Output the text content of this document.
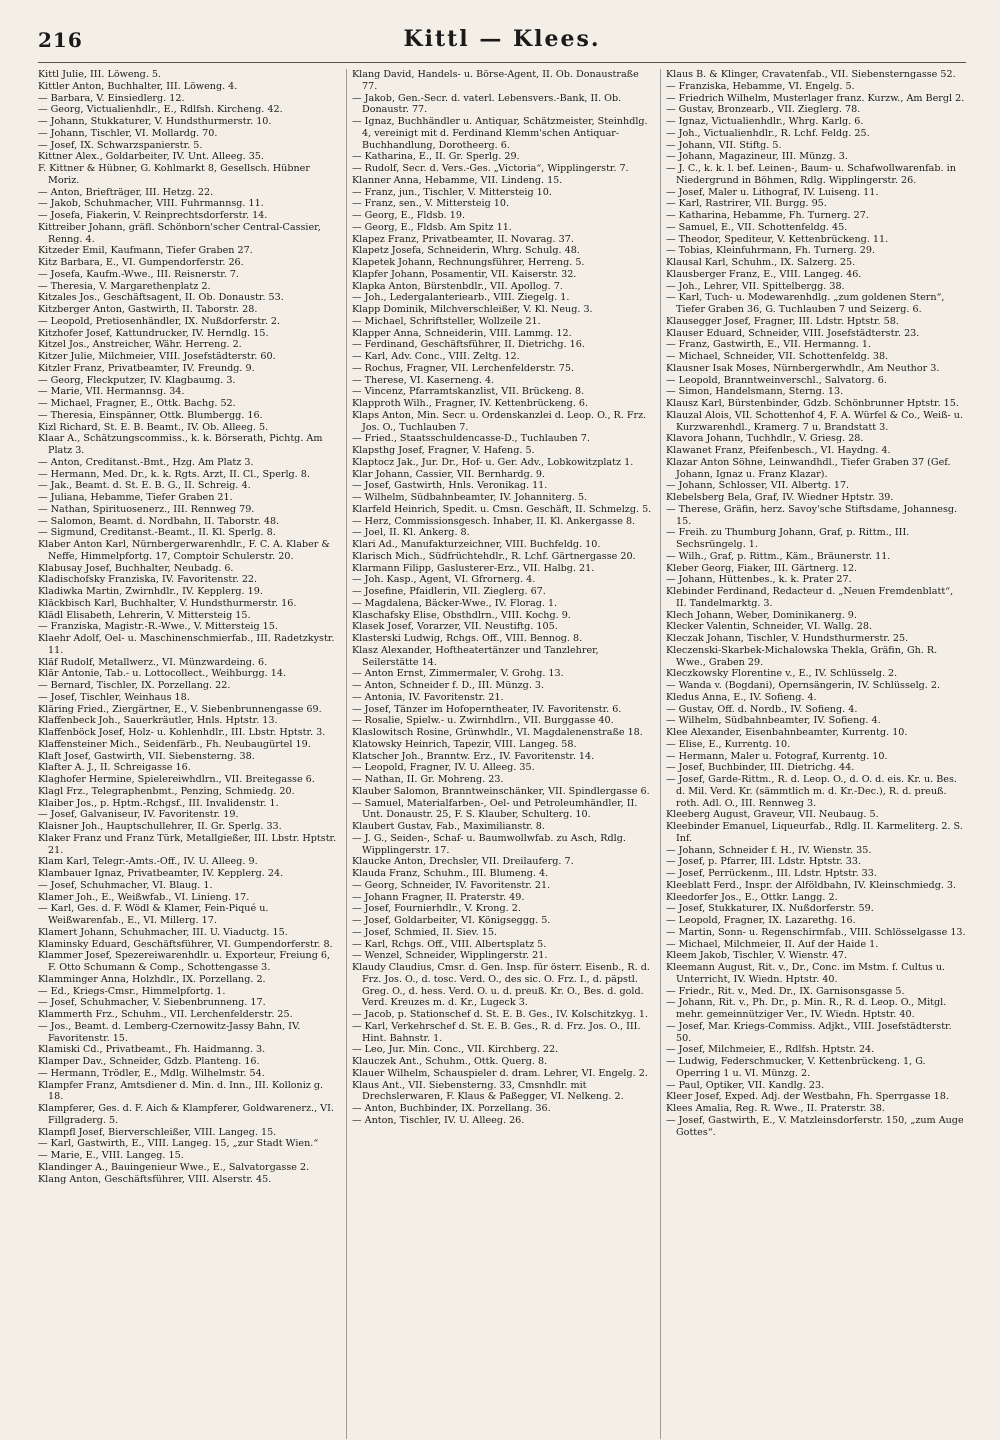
216	Kittl — Klees.

Kittl Julie, III. Löweng. 5.

Kittler Anton, Buchhalter, III. Löweng. 4.

— Barbara, V. Einsiedlerg. 12.

— Georg, Victualienhdlr., E., Rdlfsh. Kircheng. 42.

— Johann, Stukkaturer, V. Hundsthurmerstr. 10.

— Johann, Tischler, VI. Mollardg. 70.

— Josef, IX. Schwarzspanierstr. 5.

Kittner Alex., Goldarbeiter, IV. Unt. Alleeg. 35.

F. Kittner & Hübner, G. Kohlmarkt 8, Gesellsch. Hübner Moriz.

— Anton, Briefträger, III. Hetzg. 22.

— Jakob, Schuhmacher, VIII. Fuhrmannsg. 11.

— Josefa, Fiakerin, V. Reinprechtsdorferstr. 14.

Kittreiber Johann, gräfl. Schönborn'scher Central-Cassier, Renng. 4.

Kitzeder Emil, Kaufmann, Tiefer Graben 27.

Kitz Barbara, E., VI. Gumpendorferstr. 26.

— Josefa, Kaufm.-Wwe., III. Reisnerstr. 7.

— Theresia, V. Margarethenplatz 2.

Kitzales Jos., Geschäftsagent, II. Ob. Donaustr. 53.

Kitzberger Anton, Gastwirth, II. Taborstr. 28.

— Leopold, Pretiosenhändler, IX. Nußdorferstr. 2.

Kitzhofer Josef, Kattundrucker, IV. Herndlg. 15.

Kitzel Jos., Anstreicher, Währ. Herreng. 2.

Kitzer Julie, Milchmeier, VIII. Josefstädterstr. 60.

Kitzler Franz, Privatbeamter, IV. Freundg. 9.

— Georg, Fleckputzer, IV. Klagbaumg. 3.

— Marie, VII. Hermannsg. 34.

— Michael, Fragner, E., Ottk. Bachg. 52.

— Theresia, Einspänner, Ottk. Blumbergg. 16.

Kizl Richard, St. E. B. Beamt., IV. Ob. Alleeg. 5.

Klaar A., Schätzungscommiss., k. k. Börserath, Pichtg. Am Platz 3.

— Anton, Creditanst.-Bmt., Hzg. Am Platz 3.

— Hermann, Med. Dr., k. k. Rgts. Arzt, II. Cl., Sperlg. 8.

— Jak., Beamt. d. St. E. B. G., II. Schreig. 4.

— Juliana, Hebamme, Tiefer Graben 21.

— Nathan, Spirituosenerz., III. Rennweg 79.

— Salomon, Beamt. d. Nordbahn, II. Taborstr. 48.

— Sigmund, Creditanst.-Beamt., II. Kl. Sperlg. 8.

Klaber Anton Karl, Nürnbergerwarenhdlr., F. C. A. Klaber & Neffe, Himmelpfortg. 17, Comptoir Schulerstr. 20.

Klabusay Josef, Buchhalter, Neubadg. 6.

Kladischofsky Franziska, IV. Favoritenstr. 22.

Kladiwka Martin, Zwirnhdlr., IV. Kepplerg. 19.

Kläckbisch Karl, Buchhalter, V. Hundsthurmerstr. 16.

Klädl Elisabeth, Lehrerin, V. Mittersteig 15.

— Franziska, Magistr.-R.-Wwe., V. Mittersteig 15.

Klaehr Adolf, Oel- u. Maschinenschmierfab., III. Radetzkystr. 11.

Kläf Rudolf, Metallwerz., VI. Münzwardeing. 6.

Klär Antonie, Tab.- u. Lottocollect., Weihburgg. 14.

— Bernard, Tischler, IX. Porzellang. 22.

— Josef, Tischler, Weinhaus 18.

Kläring Fried., Ziergärtner, E., V. Siebenbrunnengasse 69.

Klaffenbeck Joh., Sauerkräutler, Hnls. Hptstr. 13.

Klaffenböck Josef, Holz- u. Kohlenhdlr., III. Lbstr. Hptstr. 3.

Klaffensteiner Mich., Seidenfärb., Fh. Neubaugürtel 19.

Klaft Josef, Gastwirth, VII. Siebensterng. 38.

Klafter A. J., II. Schreigasse 16.

Klaghofer Hermine, Spielereiwhdlrn., VII. Breitegasse 6.

Klagl Frz., Telegraphenbmt., Penzing, Schmiedg. 20.

Klaiber Jos., p. Hptm.-Rchgsf., III. Invalidenstr. 1.

— Josef, Galvaniseur, IV. Favoritenstr. 19.

Klaisner Joh., Hauptschullehrer, II. Gr. Sperlg. 33.

Klaker Franz und Franz Türk, Metallgießer, III. Lbstr. Hptstr. 21.

Klam Karl, Telegr.-Amts.-Off., IV. U. Alleeg. 9.

Klambauer Ignaz, Privatbeamter, IV. Kepplerg. 24.

— Josef, Schuhmacher, VI. Blaug. 1.

Klamer Joh., E., Weißwfab., VI. Linieng. 17.

— Karl, Ges. d. F. Wödl & Klamer, Fein-Piqué u. Weißwarenfab., E., VI. Millerg. 17.

Klamert Johann, Schuhmacher, III. U. Viaductg. 15.

Klaminsky Eduard, Geschäftsführer, VI. Gumpendorferstr. 8.

Klammer Josef, Spezereiwarenhdlr. u. Exporteur, Freiung 6, F. Otto Schumann & Comp., Schottengasse 3.

Klamminger Anna, Holzhdlr., IX. Porzellang. 2.

— Ed., Kriegs-Cmsr., Himmelpfortg. 1.

— Josef, Schuhmacher, V. Siebenbrunneng. 17.

Klammerth Frz., Schuhm., VII. Lerchenfelderstr. 25.

— Jos., Beamt. d. Lemberg-Czernowitz-Jassy Bahn, IV. Favoritenstr. 15.

Klamiski Cd., Privatbeamt., Fh. Haidmanng. 3.

Klamper Dav., Schneider, Gdzb. Planteng. 16.

— Hermann, Trödler, E., Mdlg. Wilhelmstr. 54.

Klampfer Franz, Amtsdiener d. Min. d. Inn., III. Kolloniz g. 18.

Klampferer, Ges. d. F. Aich & Klampferer, Goldwarenerz., VI. Fillgraderg. 5.

Klampfl Josef, Bierverschleißer, VIII. Langeg. 15.

— Karl, Gastwirth, E., VIII. Langeg. 15, „zur Stadt Wien.“

— Marie, E., VIII. Langeg. 15.

Klandinger A., Bauingenieur Wwe., E., Salvatorgasse 2.

Klang Anton, Geschäftsführer, VIII. Alserstr. 45.

Klang David, Handels- u. Börse-Agent, II. Ob. Donaustraße 77.

— Jakob, Gen.-Secr. d. vaterl. Lebensvers.-Bank, II. Ob. Donaustr. 77.

— Ignaz, Buchhändler u. Antiquar, Schätzmeister, Steinhdlg. 4, vereinigt mit d. Ferdinand Klemm'schen Antiquar-Buchhandlung, Dorotheerg. 6.

— Katharina, E., II. Gr. Sperlg. 29.

— Rudolf, Secr. d. Vers.-Ges. „Victoria“, Wipplingerstr. 7.

Klanner Anna, Hebamme, VII. Lindeng. 15.

— Franz, jun., Tischler, V. Mittersteig 10.

— Franz, sen., V. Mittersteig 10.

— Georg, E., Fldsb. 19.

— Georg, E., Fldsb. Am Spitz 11.

Klapez Franz, Privatbeamter, II. Novarag. 37.

Klapetz Josefa, Schneiderin, Whrg. Schulg. 48.

Klapetek Johann, Rechnungsführer, Herreng. 5.

Klapfer Johann, Posamentir, VII. Kaiserstr. 32.

Klapka Anton, Bürstenbdlr., VII. Apollog. 7.

— Joh., Ledergalanteriearb., VIII. Ziegelg. 1.

Klapp Dominik, Milchverschleißer, V. Kl. Neug. 3.

— Michael, Schriftsteller, Wollzeile 21.

Klapper Anna, Schneiderin, VIII. Lammg. 12.

— Ferdinand, Geschäftsführer, II. Dietrichg. 16.

— Karl, Adv. Conc., VIII. Zeltg. 12.

— Rochus, Fragner, VII. Lerchenfelderstr. 75.

— Therese, VI. Kaserneng. 4.

— Vincenz, Pfarramtskanzlist, VII. Brückeng. 8.

Klapproth Wilh., Fragner, IV. Kettenbrückeng. 6.

Klaps Anton, Min. Secr. u. Ordenskanzlei d. Leop. O., R. Frz. Jos. O., Tuchlauben 7.

— Fried., Staatsschuldencasse-D., Tuchlauben 7.

Klapsthg Josef, Fragner, V. Hafeng. 5.

Klaptocz Jak., Jur. Dr., Hof- u. Ger. Adv., Lobkowitzplatz 1.

Klar Johann, Cassier, VII. Bernhardg. 9.

— Josef, Gastwirth, Hnls. Veronikag. 11.

— Wilhelm, Südbahnbeamter, IV. Johanniterg. 5.

Klarfeld Heinrich, Spedit. u. Cmsn. Geschäft, II. Schmelzg. 5.

— Herz, Commissionsgesch. Inhaber, II. Kl. Ankergasse 8.

— Joel, II. Kl. Ankerg. 8.

Klari Ad., Manufakturzeichner, VIII. Buchfeldg. 10.

Klarisch Mich., Südfrüchtehdlr., R. Lchf. Gärtnergasse 20.

Klarmann Filipp, Gaslusterer-Erz., VII. Halbg. 21.

— Joh. Kasp., Agent, VI. Gfrornerg. 4.

— Josefine, Pfaidlerin, VII. Zieglerg. 67.

— Magdalena, Bäcker-Wwe., IV. Florag. 1.

Klaschafsky Elise, Obsthdlrn., VIII. Kochg. 9.

Klasek Josef, Vorarzer, VII. Neustiftg. 105.

Klasterski Ludwig, Rchgs. Off., VIII. Bennog. 8.

Klasz Alexander, Hoftheatertänzer und Tanzlehrer, Seilerstätte 14.

— Anton Ernst, Zimmermaler, V. Grohg. 13.

— Anton, Schneider f. D., III. Münzg. 3.

— Antonia, IV. Favoritenstr. 21.

— Josef, Tänzer im Hofoperntheater, IV. Favoritenstr. 6.

— Rosalie, Spielw.- u. Zwirnhdlrn., VII. Burggasse 40.

Klaslowitsch Rosine, Grünwhdlr., VI. Magdalenenstraße 18.

Klatowsky Heinrich, Tapezir, VIII. Langeg. 58.

Klatscher Joh., Branntw. Erz., IV. Favoritenstr. 14.

— Leopold, Fragner, IV. U. Alleeg. 35.

— Nathan, II. Gr. Mohreng. 23.

Klauber Salomon, Branntweinschänker, VII. Spindlergasse 6.

— Samuel, Materialfarben-, Oel- und Petroleumhändler, II. Unt. Donaustr. 25, F. S. Klauber, Schulterg. 10.

Klaubert Gustav, Fab., Maximilianstr. 8.

— J. G., Seiden-, Schaf- u. Baumwollwfab. zu Asch, Rdlg. Wipplingerstr. 17.

Klaucke Anton, Drechsler, VII. Dreilauferg. 7.

Klauda Franz, Schuhm., III. Blumeng. 4.

— Georg, Schneider, IV. Favoritenstr. 21.

— Johann Fragner, II. Praterstr. 49.

— Josef, Fournierhdlr., V. Krong. 2.

— Josef, Goldarbeiter, VI. Königseggg. 5.

— Josef, Schmied, II. Siev. 15.

— Karl, Rchgs. Off., VIII. Albertsplatz 5.

— Wenzel, Schneider, Wipplingerstr. 21.

Klaudy Claudius, Cmsr. d. Gen. Insp. für österr. Eisenb., R. d. Frz. Jos. O., d. tosc. Verd. O., des sic. O. Frz. I., d. päpstl. Greg. O., d. hess. Verd. O. u. d. preuß. Kr. O., Bes. d. gold. Verd. Kreuzes m. d. Kr., Lugeck 3.

— Jacob, p. Stationschef d. St. E. B. Ges., IV. Kolschitzkyg. 1.

— Karl, Verkehrschef d. St. E. B. Ges., R. d. Frz. Jos. O., III. Hint. Bahnstr. 1.

— Leo, Jur. Min. Conc., VII. Kirchberg. 22.

Klauczek Ant., Schuhm., Ottk. Querg. 8.

Klauer Wilhelm, Schauspieler d. dram. Lehrer, VI. Engelg. 2.

Klaus Ant., VII. Siebensterng. 33, Cmsnhdlr. mit Drechslerwaren, F. Klaus & Paßegger, VI. Nelkeng. 2.

— Anton, Buchbinder, IX. Porzellang. 36.

— Anton, Tischler, IV. U. Alleeg. 26.

Klaus B. & Klinger, Cravatenfab., VII. Siebensterngasse 52.

— Franziska, Hebamme, VI. Engelg. 5.

— Friedrich Wilhelm, Musterlager franz. Kurzw., Am Bergl 2.

— Gustav, Bronzearb., VII. Zieglerg. 78.

— Ignaz, Victualienhdlr., Whrg. Karlg. 6.

— Joh., Victualienhdlr., R. Lchf. Feldg. 25.

— Johann, VII. Stiftg. 5.

— Johann, Magazineur, III. Münzg. 3.

— J. C., k. k. l. bef. Leinen-, Baum- u. Schafwollwarenfab. in Niedergrund in Böhmen, Rdlg. Wipplingerstr. 26.

— Josef, Maler u. Lithograf, IV. Luiseng. 11.

— Karl, Rastrirer, VII. Burgg. 95.

— Katharina, Hebamme, Fh. Turnerg. 27.

— Samuel, E., VII. Schottenfeldg. 45.

— Theodor, Spediteur, V. Kettenbrückeng. 11.

— Tobias, Kleinfuhrmann, Fh. Turnerg. 29.

Klausal Karl, Schuhm., IX. Salzerg. 25.

Klausberger Franz, E., VIII. Langeg. 46.

— Joh., Lehrer, VII. Spittelbergg. 38.

— Karl, Tuch- u. Modewarenhdlg. „zum goldenen Stern“, Tiefer Graben 36, G. Tuchlauben 7 und Seizerg. 6.

Klausegger Josef, Fragner, III. Ldstr. Hptstr. 58.

Klauser Eduard, Schneider, VIII. Josefstädterstr. 23.

— Franz, Gastwirth, E., VII. Hermanng. 1.

— Michael, Schneider, VII. Schottenfeldg. 38.

Klausner Isak Moses, Nürnbergerwhdlr., Am Neuthor 3.

— Leopold, Branntweinverschl., Salvatorg. 6.

— Simon, Handelsmann, Sterng. 13.

Klausz Karl, Bürstenbinder, Gdzb. Schönbrunner Hptstr. 15.

Klauzal Alois, VII. Schottenhof 4, F. A. Würfel & Co., Weiß- u. Kurzwarenhdl., Kramerg. 7 u. Brandstatt 3.

Klavora Johann, Tuchhdlr., V. Griesg. 28.

Klawanet Franz, Pfeifenbesch., VI. Haydng. 4.

Klazar Anton Söhne, Leinwandhdl., Tiefer Graben 37 (Gef. Johann, Ignaz u. Franz Klazar).

— Johann, Schlosser, VII. Albertg. 17.

Klebelsberg Bela, Graf, IV. Wiedner Hptstr. 39.

— Therese, Gräfin, herz. Savoy'sche Stiftsdame, Johannesg. 15.

— Freih. zu Thumburg Johann, Graf, p. Rittm., III. Sechsrüngelg. 1.

— Wilh., Graf, p. Rittm., Käm., Bräunerstr. 11.

Kleber Georg, Fiaker, III. Gärtnerg. 12.

— Johann, Hüttenbes., k. k. Prater 27.

Klebinder Ferdinand, Redacteur d. „Neuen Fremdenblatt“, II. Tandelmarktg. 3.

Klech Johann, Weber, Dominikanerg. 9.

Klecker Valentin, Schneider, VI. Wallg. 28.

Kleczak Johann, Tischler, V. Hundsthurmerstr. 25.

Kleczenski-Skarbek-Michalowska Thekla, Gräfin, Gh. R. Wwe., Graben 29.

Kleczkowsky Florentine v., E., IV. Schlüsselg. 2.

— Wanda v. (Bogdani), Opernsängerin, IV. Schlüsselg. 2.

Kledus Anna, E., IV. Sofieng. 4.

— Gustav, Off. d. Nordb., IV. Sofieng. 4.

— Wilhelm, Südbahnbeamter, IV. Sofieng. 4.

Klee Alexander, Eisenbahnbeamter, Kurrentg. 10.

— Elise, E., Kurrentg. 10.

— Hermann, Maler u. Fotograf, Kurrentg. 10.

— Josef, Buchbinder, III. Dietrichg. 44.

— Josef, Garde-Rittm., R. d. Leop. O., d. O. d. eis. Kr. u. Bes. d. Mil. Verd. Kr. (sämmtlich m. d. Kr.-Dec.), R. d. preuß. roth. Adl. O., III. Rennweg 3.

Kleeberg August, Graveur, VII. Neubaug. 5.

Kleebinder Emanuel, Liqueurfab., Rdlg. II. Karmeliterg. 2. S. Inf.

— Johann, Schneider f. H., IV. Wienstr. 35.

— Josef, p. Pfarrer, III. Ldstr. Hptstr. 33.

— Josef, Perrückenm., III. Ldstr. Hptstr. 33.

Kleeblatt Ferd., Inspr. der Alföldbahn, IV. Kleinschmiedg. 3.

Kleedorfer Jos., E., Ottkr. Langg. 2.

— Josef, Stukkaturer, IX. Nußdorferstr. 59.

— Leopold, Fragner, IX. Lazarethg. 16.

— Martin, Sonn- u. Regenschirmfab., VIII. Schlösselgasse 13.

— Michael, Milchmeier, II. Auf der Haide 1.

Kleem Jakob, Tischler, V. Wienstr. 47.

Kleemann August, Rit. v., Dr., Conc. im Mstm. f. Cultus u. Unterricht, IV. Wiedn. Hptstr. 40.

— Friedr., Rit. v., Med. Dr., IX. Garnisonsgasse 5.

— Johann, Rit. v., Ph. Dr., p. Min. R., R. d. Leop. O., Mitgl. mehr. gemeinnütziger Ver., IV. Wiedn. Hptstr. 40.

— Josef, Mar. Kriegs-Commiss. Adjkt., VIII. Josefstädterstr. 50.

— Josef, Milchmeier, E., Rdlfsh. Hptstr. 24.

— Ludwig, Federschmucker, V. Kettenbrückeng. 1, G. Operring 1 u. VI. Münzg. 2.

— Paul, Optiker, VII. Kandlg. 23.

Kleer Josef, Exped. Adj. der Westbahn, Fh. Sperrgasse 18.

Klees Amalia, Reg. R. Wwe., II. Praterstr. 38.

— Josef, Gastwirth, E., V. Matzleinsdorferstr. 150, „zum Auge Gottes“.
